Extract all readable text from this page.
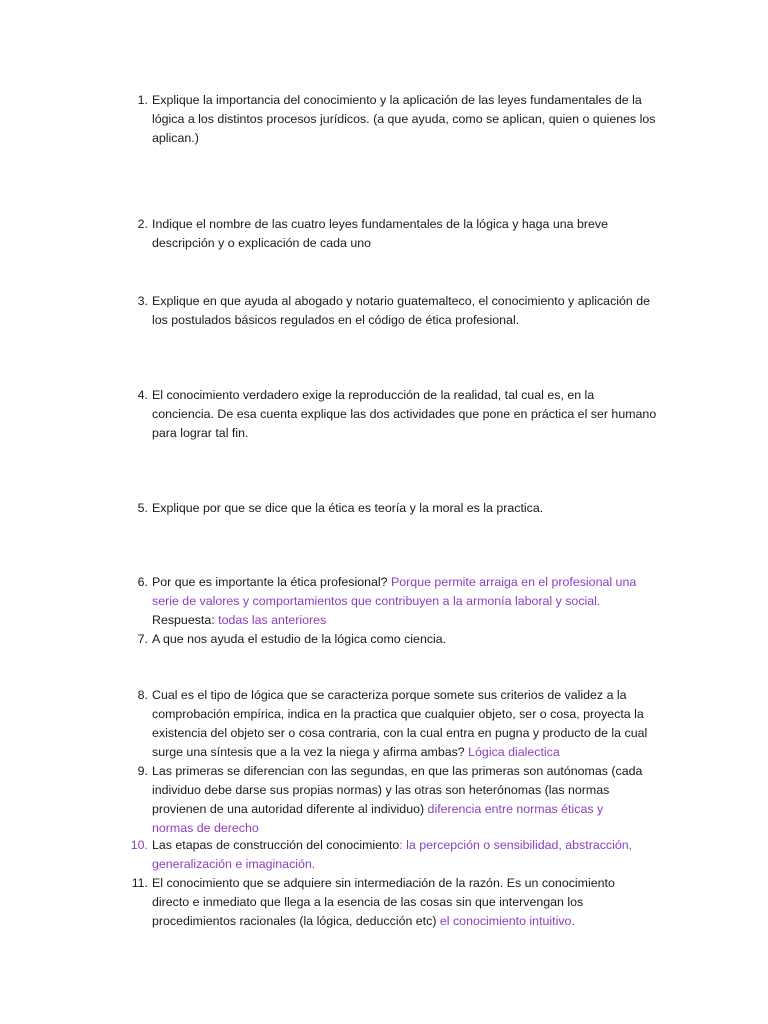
1. Explique la importancia del conocimiento y la aplicación de las leyes fundamentales de la
lógica a los distintos procesos jurídicos. (a que ayuda, como se aplican, quien o quienes los
aplican.)
2. Indique el nombre de las cuatro leyes fundamentales de la lógica y haga una breve
descripción y o explicación de cada uno
3. Explique en que ayuda al abogado y notario guatemalteco, el conocimiento y aplicación de
los postulados básicos regulados en el código de ética profesional.
4. El conocimiento verdadero exige la reproducción de la realidad, tal cual es, en la
conciencia. De esa cuenta explique las dos actividades que pone en práctica el ser humano
para lograr tal fin.
5. Explique por que se dice que la ética es teoría y la moral es la practica.
6. Por que es importante la ética profesional? Porque permite arraiga en el profesional una
serie de valores y comportamientos que contribuyen a la armonía laboral y social.
Respuesta: todas las anteriores
7. A que nos ayuda el estudio de la lógica como ciencia.
8. Cual es el tipo de lógica que se caracteriza porque somete sus criterios de validez a la
comprobación empírica, indica en la practica que cualquier objeto, ser o cosa, proyecta la
existencia del objeto ser o cosa contraria, con la cual entra en pugna y producto de la cual
surge una síntesis que a la vez la niega y afirma ambas? Lógica dialectica
9. Las primeras se diferencian con las segundas, en que las primeras son autónomas (cada
individuo debe darse sus propias normas) y las otras son heterónomas (las normas
provienen de una autoridad diferente al individuo) diferencia entre normas éticas y
normas de derecho
10. Las etapas de construcción del conocimiento: la percepción o sensibilidad, abstracción,
generalización e imaginación.
11. El conocimiento que se adquiere sin intermediación de la razón. Es un conocimiento
directo e inmediato que llega a la esencia de las cosas sin que intervengan los
procedimientos racionales (la lógica, deducción etc) el conocimiento intuitivo.
